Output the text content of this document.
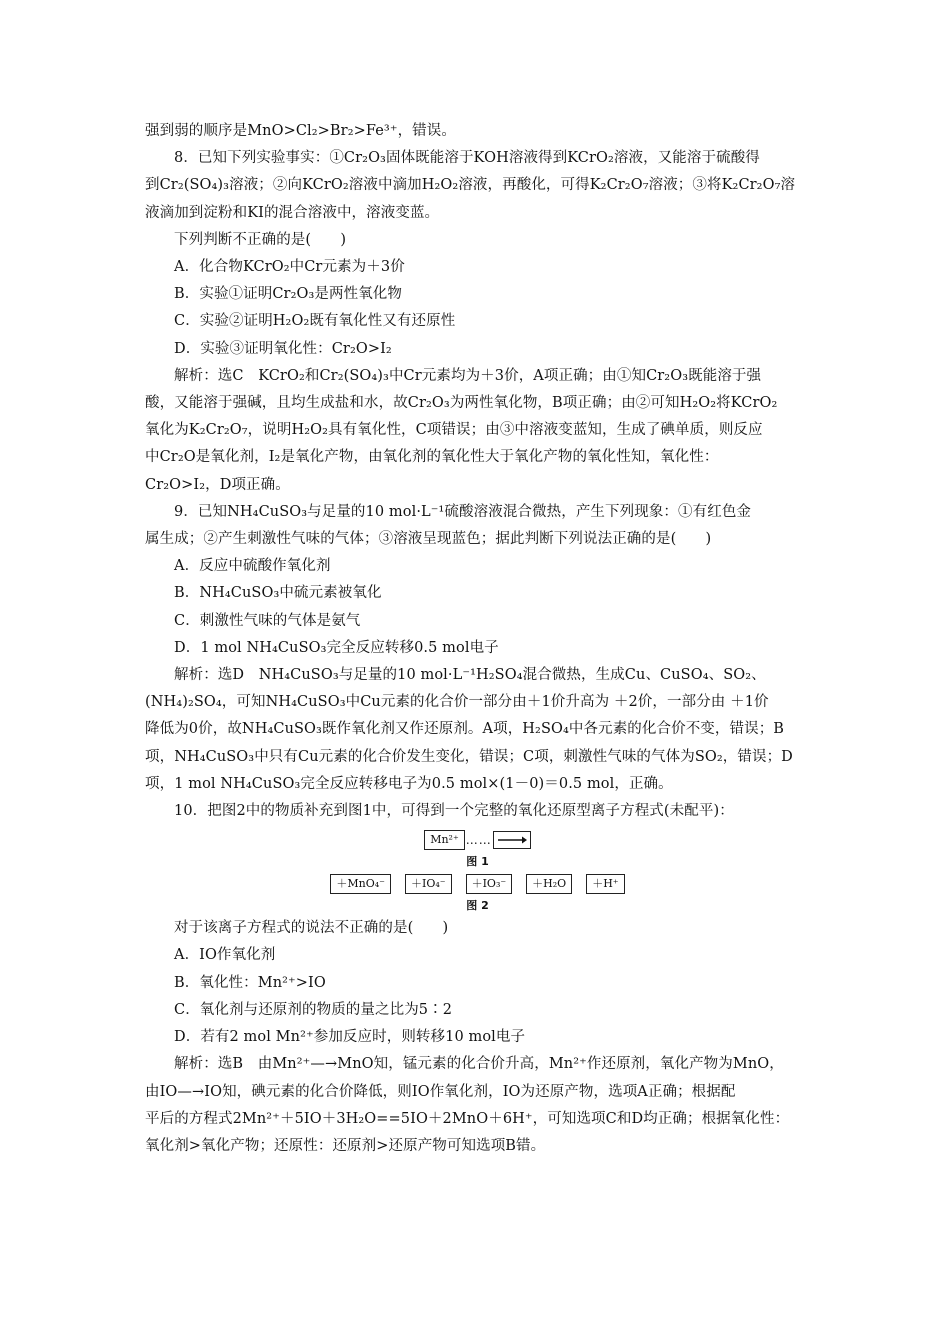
强到弱的顺序是MnO>Cl₂>Br₂>Fe³⁺，错误。

8．已知下列实验事实：①Cr₂O₃固体既能溶于KOH溶液得到KCrO₂溶液，又能溶于硫酸得

到Cr₂(SO₄)₃溶液；②向KCrO₂溶液中滴加H₂O₂溶液，再酸化，可得K₂Cr₂O₇溶液；③将K₂Cr₂O₇溶

液滴加到淀粉和KI的混合溶液中，溶液变蓝。

下列判断不正确的是(　　)

A．化合物KCrO₂中Cr元素为＋3价

B．实验①证明Cr₂O₃是两性氧化物

C．实验②证明H₂O₂既有氧化性又有还原性

D．实验③证明氧化性：Cr₂O>I₂

解析：选C　KCrO₂和Cr₂(SO₄)₃中Cr元素均为＋3价，A项正确；由①知Cr₂O₃既能溶于强

酸，又能溶于强碱，且均生成盐和水，故Cr₂O₃为两性氧化物，B项正确；由②可知H₂O₂将KCrO₂

氧化为K₂Cr₂O₇，说明H₂O₂具有氧化性，C项错误；由③中溶液变蓝知，生成了碘单质，则反应

中Cr₂O是氧化剂，I₂是氧化产物，由氧化剂的氧化性大于氧化产物的氧化性知，氧化性：

Cr₂O>I₂，D项正确。

9．已知NH₄CuSO₃与足量的10 mol·L⁻¹硫酸溶液混合微热，产生下列现象：①有红色金

属生成；②产生刺激性气味的气体；③溶液呈现蓝色；据此判断下列说法正确的是(　　)

A．反应中硫酸作氧化剂

B．NH₄CuSO₃中硫元素被氧化

C．刺激性气味的气体是氨气

D．1 mol NH₄CuSO₃完全反应转移0.5 mol电子

解析：选D　NH₄CuSO₃与足量的10 mol·L⁻¹H₂SO₄混合微热，生成Cu、CuSO₄、SO₂、

(NH₄)₂SO₄，可知NH₄CuSO₃中Cu元素的化合价一部分由＋1价升高为 ＋2价，一部分由 ＋1价

降低为0价，故NH₄CuSO₃既作氧化剂又作还原剂。A项，H₂SO₄中各元素的化合价不变，错误；B

项，NH₄CuSO₃中只有Cu元素的化合价发生变化，错误；C项，刺激性气味的气体为SO₂，错误；D

项，1 mol NH₄CuSO₃完全反应转移电子为0.5 mol×(1－0)＝0.5 mol，正确。

10．把图2中的物质补充到图1中，可得到一个完整的氧化还原型离子方程式(未配平)：

Mn²⁺ ……
图 1
＋MnO₄⁻	＋IO₄⁻	＋IO₃⁻	＋H₂O	＋H⁺
图 2

对于该离子方程式的说法不正确的是(　　)

A．IO作氧化剂

B．氧化性：Mn²⁺>IO

C．氧化剂与还原剂的物质的量之比为5∶2

D．若有2 mol Mn²⁺参加反应时，则转移10 mol电子

解析：选B　由Mn²⁺—→MnO知，锰元素的化合价升高，Mn²⁺作还原剂，氧化产物为MnO，

由IO—→IO知，碘元素的化合价降低，则IO作氧化剂，IO为还原产物，选项A正确；根据配

平后的方程式2Mn²⁺＋5IO＋3H₂O==5IO＋2MnO＋6H⁺，可知选项C和D均正确；根据氧化性：

氧化剂>氧化产物；还原性：还原剂>还原产物可知选项B错。
